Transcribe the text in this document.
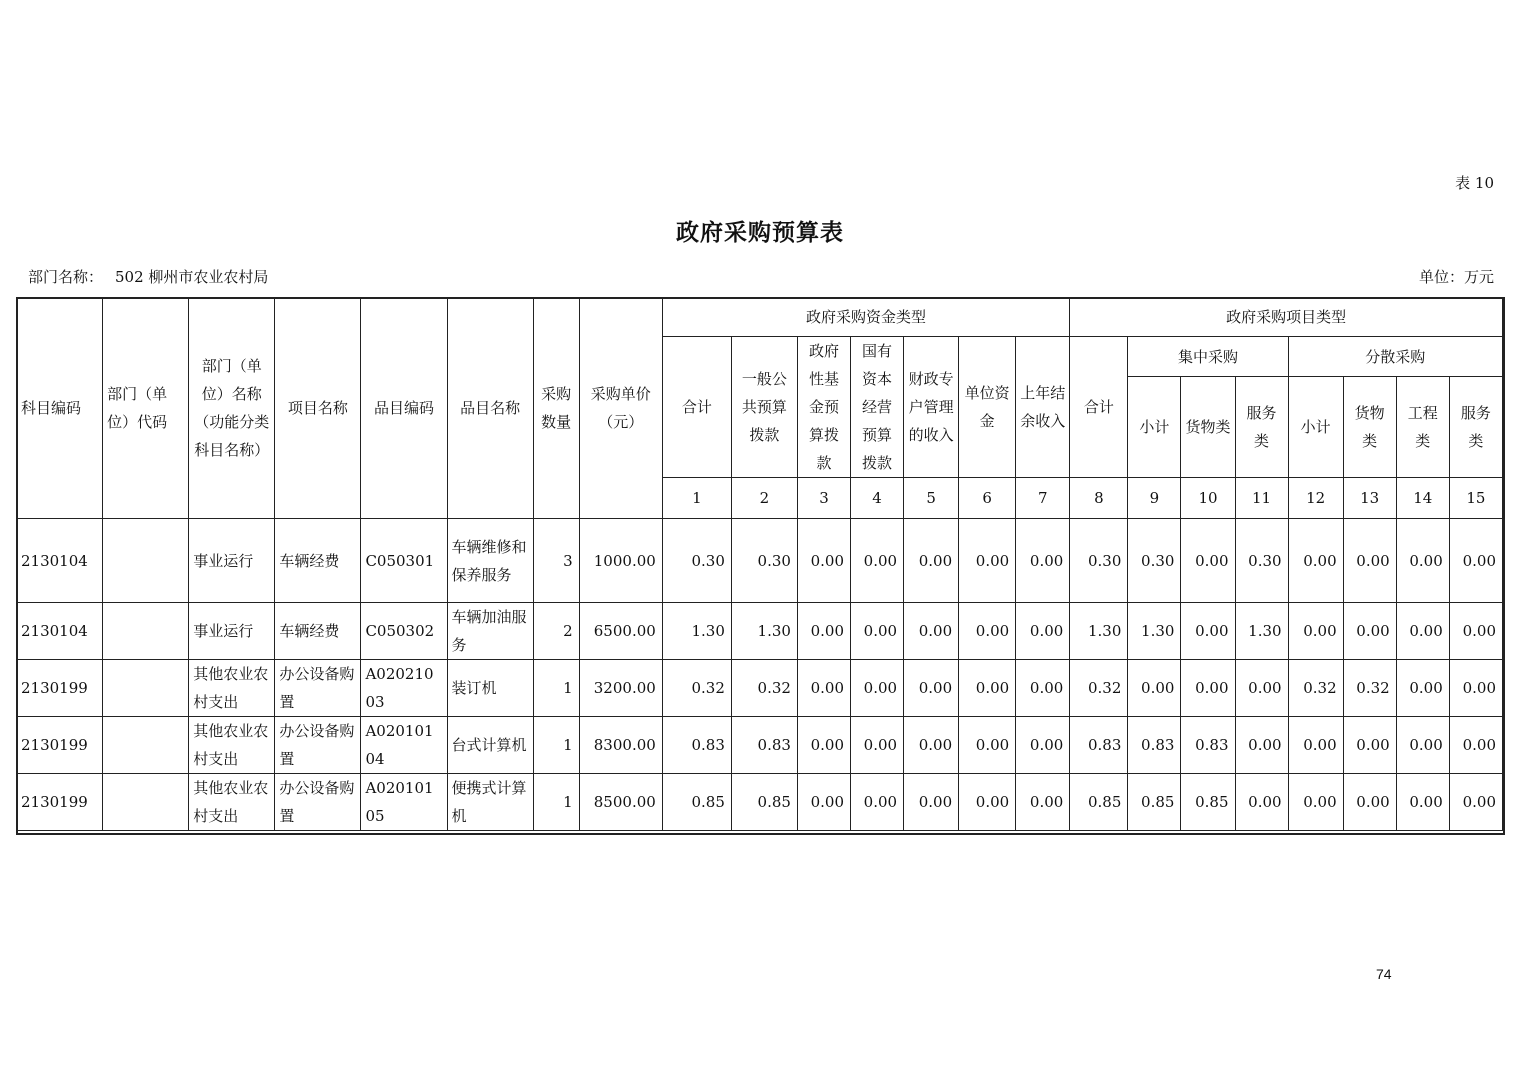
表 10
政府采购预算表
部门名称： 502 柳州市农业农村局	单位：万元
科目编码	部门（单位）代码	部门（单位）名称（功能分类科目名称）	项目名称	品目编码	品目名称	采购数量	采购单价（元）	政府采购资金类型							政府采购项目类型							
								合计	一般公共预算拨款	政府性基金预算拨款	国有资本经营预算拨款	财政专户管理的收入	单位资金	上年结余收入	合计	集中采购			分散采购			
																小计	货物类	服务类	小计	货物类	工程类	服务类
								1	2	3	4	5	6	7	8	9	10	11	12	13	14	15
2130104		事业运行	车辆经费	C050301	车辆维修和保养服务	3	1000.00	0.30	0.30	0.00	0.00	0.00	0.00	0.00	0.30	0.30	0.00	0.30	0.00	0.00	0.00	0.00
2130104		事业运行	车辆经费	C050302	车辆加油服务	2	6500.00	1.30	1.30	0.00	0.00	0.00	0.00	0.00	1.30	1.30	0.00	1.30	0.00	0.00	0.00	0.00
2130199		其他农业农村支出	办公设备购置	A02021003	装订机	1	3200.00	0.32	0.32	0.00	0.00	0.00	0.00	0.00	0.32	0.00	0.00	0.00	0.32	0.32	0.00	0.00
2130199		其他农业农村支出	办公设备购置	A02010104	台式计算机	1	8300.00	0.83	0.83	0.00	0.00	0.00	0.00	0.00	0.83	0.83	0.83	0.00	0.00	0.00	0.00	0.00
2130199		其他农业农村支出	办公设备购置	A02010105	便携式计算机	1	8500.00	0.85	0.85	0.00	0.00	0.00	0.00	0.00	0.85	0.85	0.85	0.00	0.00	0.00	0.00	0.00
74
